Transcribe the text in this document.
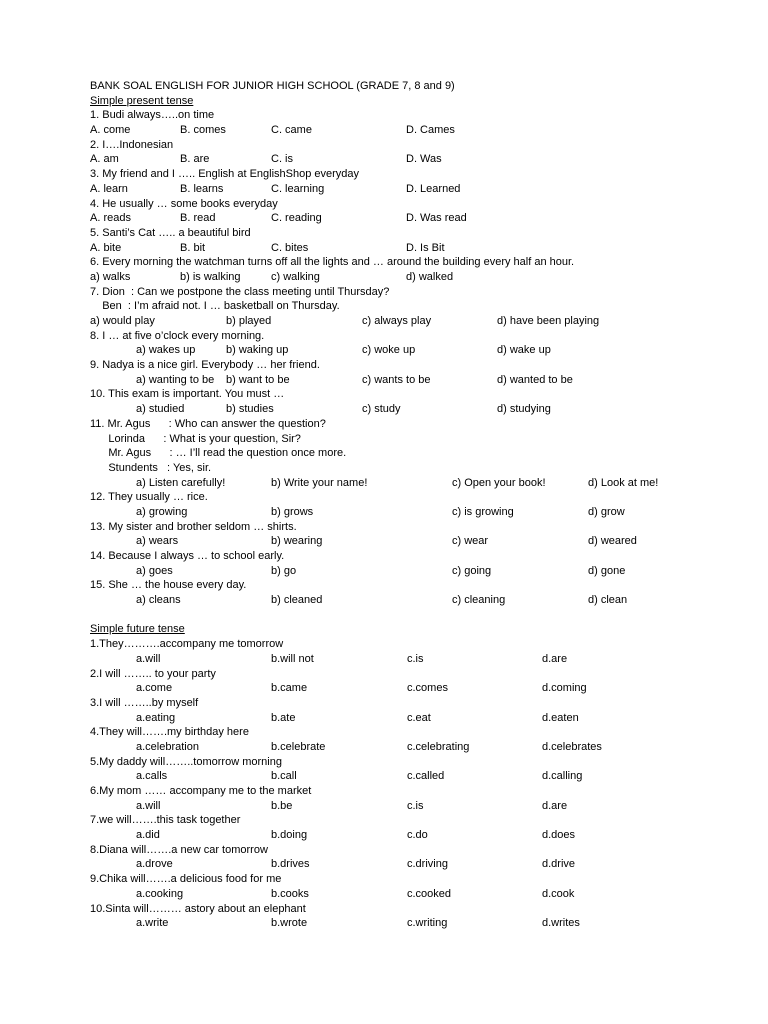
BANK SOAL ENGLISH FOR JUNIOR HIGH SCHOOL (GRADE 7, 8 and 9)
Simple present tense
1. Budi always…..on time
A. come	B. comes	C. came	D. Cames
2. I….Indonesian
A. am	B. are	C. is	D. Was
3. My friend and I ….. English at EnglishShop everyday
A. learn	B. learns	C. learning	D. Learned
4. He usually … some books everyday
A. reads	B. read	C. reading	D. Was read
5. Santi’s Cat ….. a beautiful bird
A. bite	B. bit	C. bites	D. Is Bit
6. Every morning the watchman turns off all the lights and … around the building every half an hour.
a) walks	b) is walking	c) walking	d) walked
7. Dion  : Can we postpone the class meeting until Thursday?
Ben  : I’m afraid not. I … basketball on Thursday.
a) would play	b) played	c) always play	d) have been playing
8. I … at five o’clock every morning.
a) wakes up	b) waking up	c) woke up	d) wake up
9. Nadya is a nice girl. Everybody … her friend.
a) wanting to be b) want to be	c) wants to be	d) wanted to be
10. This exam is important. You must …
a) studied	b) studies	c) study	d) studying
11. Mr. Agus      : Who can answer the question?
Lorinda      : What is your question, Sir?
Mr. Agus      : … I’ll read the question once more.
Stundents   : Yes, sir.
a) Listen carefully!	b) Write your name!	c) Open your book!	d) Look at me!
12. They usually … rice.
a) growing	b) grows	c) is growing	d) grow
13. My sister and brother seldom … shirts.
a) wears	b) wearing	c) wear	d) weared
14. Because I always … to school early.
a) goes	b) go	c) going	d) gone
15. She … the house every day.
a) cleans	b) cleaned	c) cleaning	d) clean
Simple future tense
1.They……….accompany me tomorrow
a.will	b.will not	c.is	d.are
2.I will …….. to your party
a.come	b.came	c.comes	d.coming
3.I will ……..by myself
a.eating	b.ate	c.eat	d.eaten
4.They will…….my birthday here
a.celebration	b.celebrate	c.celebrating	d.celebrates
5.My daddy will……..tomorrow morning
a.calls	b.call	c.called	d.calling
6.My mom …… accompany me to the market
a.will	b.be	c.is	d.are
7.we will…….this task together
a.did	b.doing	c.do	d.does
8.Diana will…….a new car tomorrow
a.drove	b.drives	c.driving	d.drive
9.Chika will…….a delicious food for me
a.cooking	b.cooks	c.cooked	d.cook
10.Sinta will……… astory about an elephant
a.write	b.wrote	c.writing	d.writes
